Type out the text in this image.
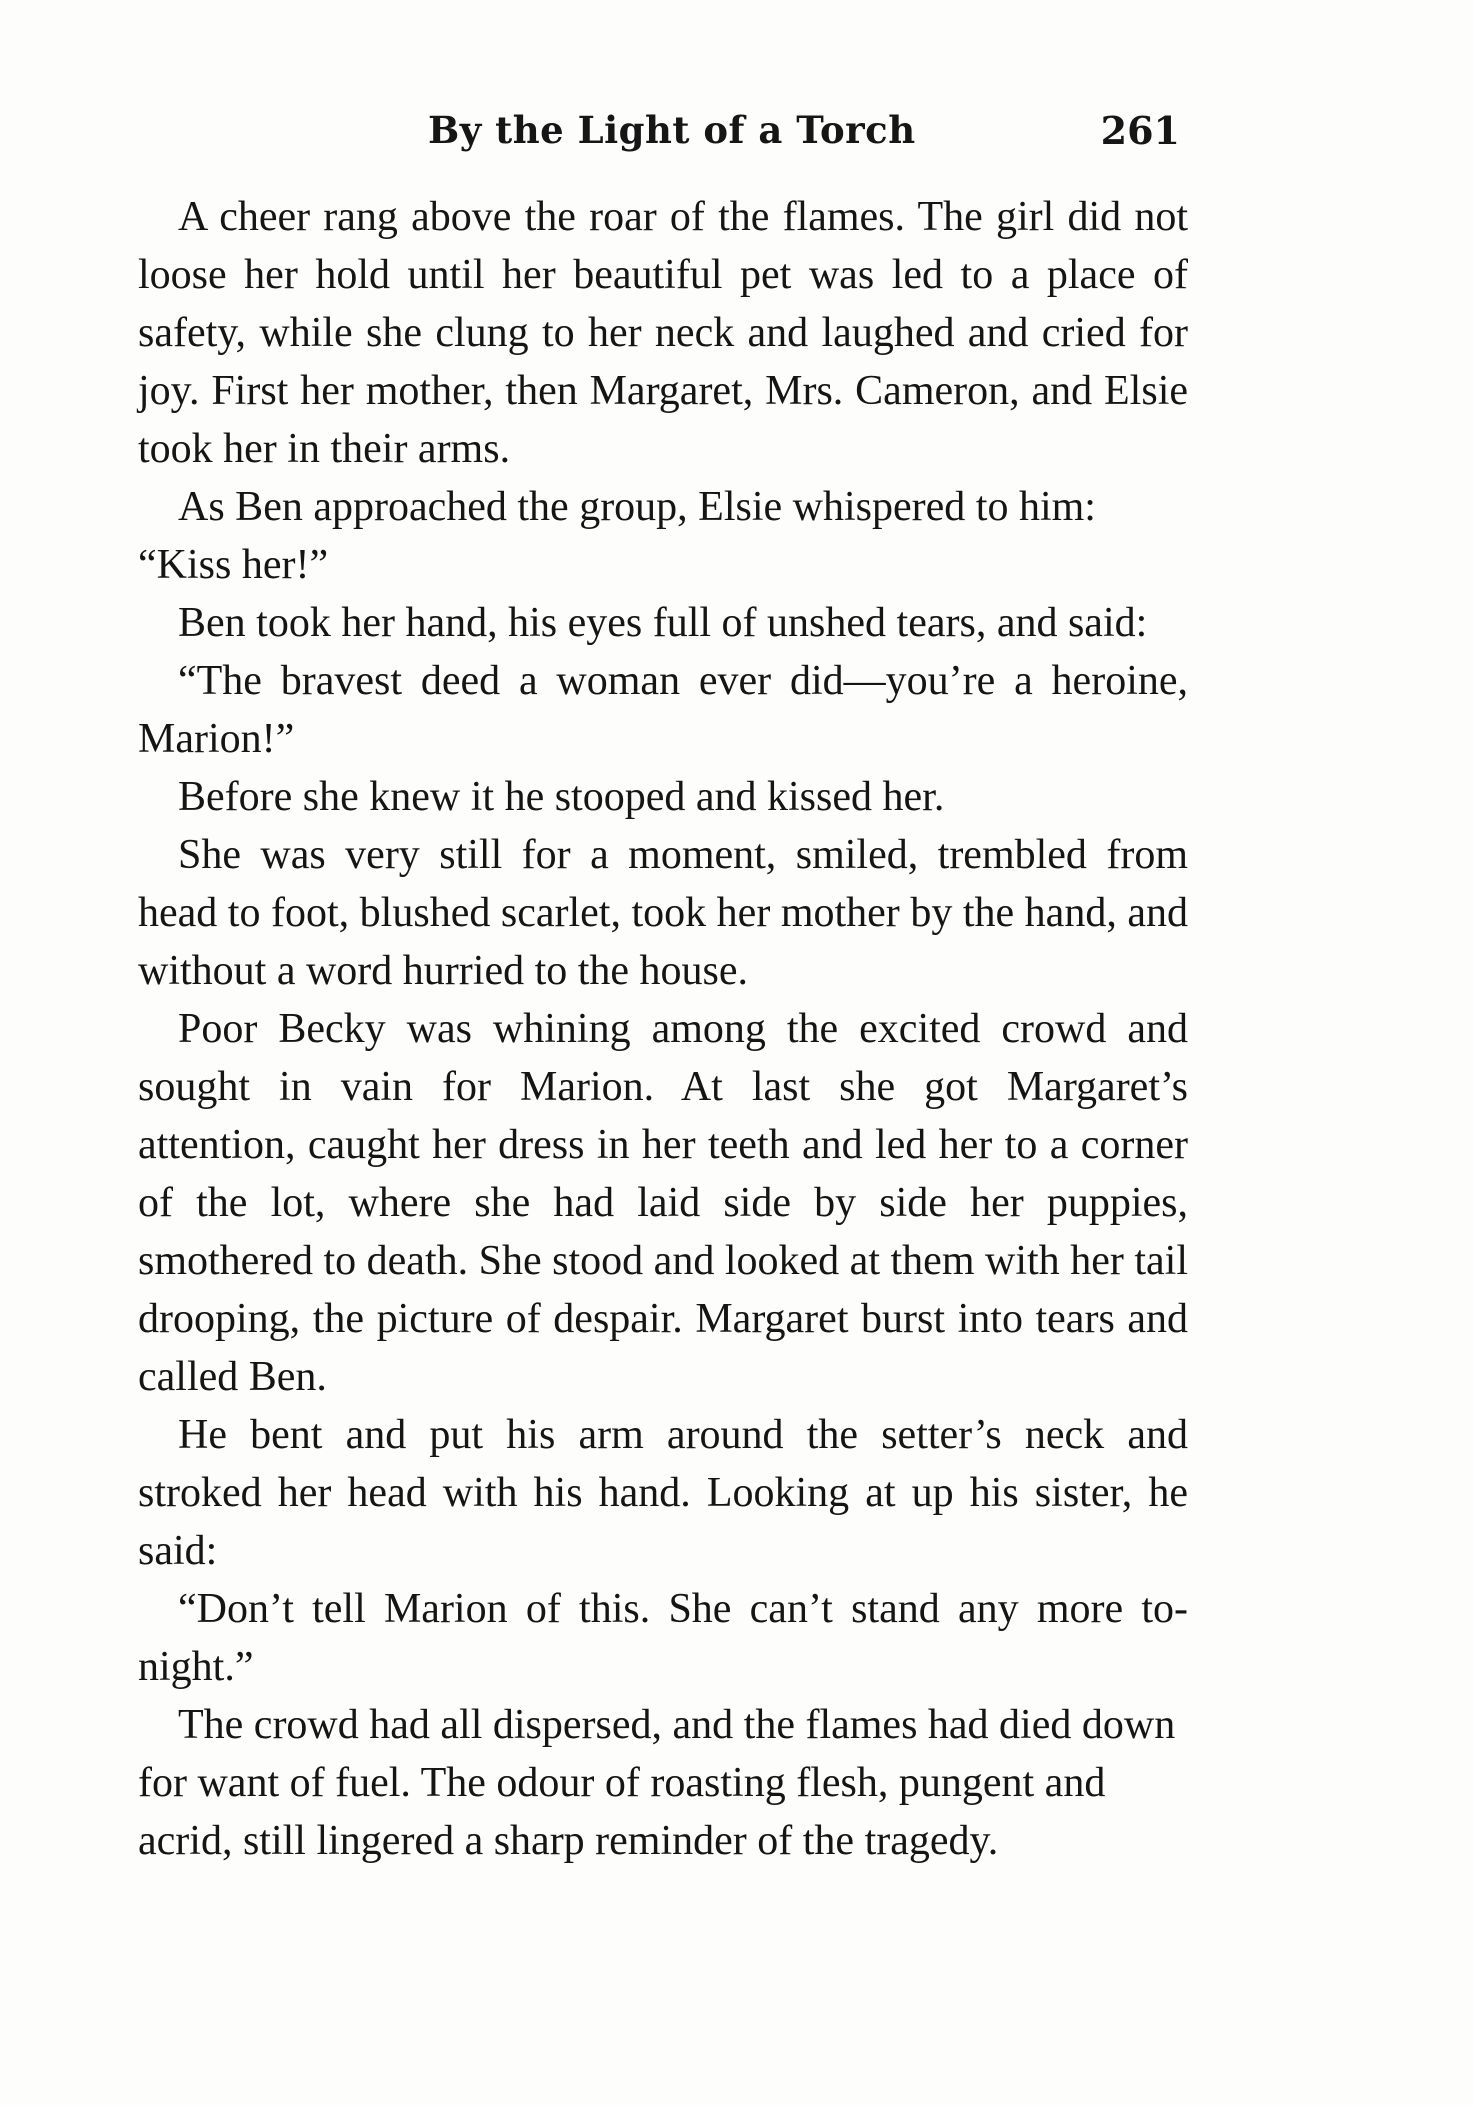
By the Light of a Torch	261

A cheer rang above the roar of the flames. The girl did not loose her hold until her beautiful pet was led to a place of safety, while she clung to her neck and laughed and cried for joy. First her mother, then Margaret, Mrs. Cameron, and Elsie took her in their arms.

As Ben approached the group, Elsie whispered to him:

“Kiss her!”

Ben took her hand, his eyes full of unshed tears, and said:

“The bravest deed a woman ever did—you’re a heroine, Marion!”

Before she knew it he stooped and kissed her.

She was very still for a moment, smiled, trembled from head to foot, blushed scarlet, took her mother by the hand, and without a word hurried to the house.

Poor Becky was whining among the excited crowd and sought in vain for Marion. At last she got Margaret’s attention, caught her dress in her teeth and led her to a corner of the lot, where she had laid side by side her puppies, smothered to death. She stood and looked at them with her tail drooping, the picture of despair. Margaret burst into tears and called Ben.

He bent and put his arm around the setter’s neck and stroked her head with his hand. Looking at up his sister, he said:

“Don’t tell Marion of this. She can’t stand any more to-night.”

The crowd had all dispersed, and the flames had died down for want of fuel. The odour of roasting flesh, pungent and acrid, still lingered a sharp reminder of the tragedy.
